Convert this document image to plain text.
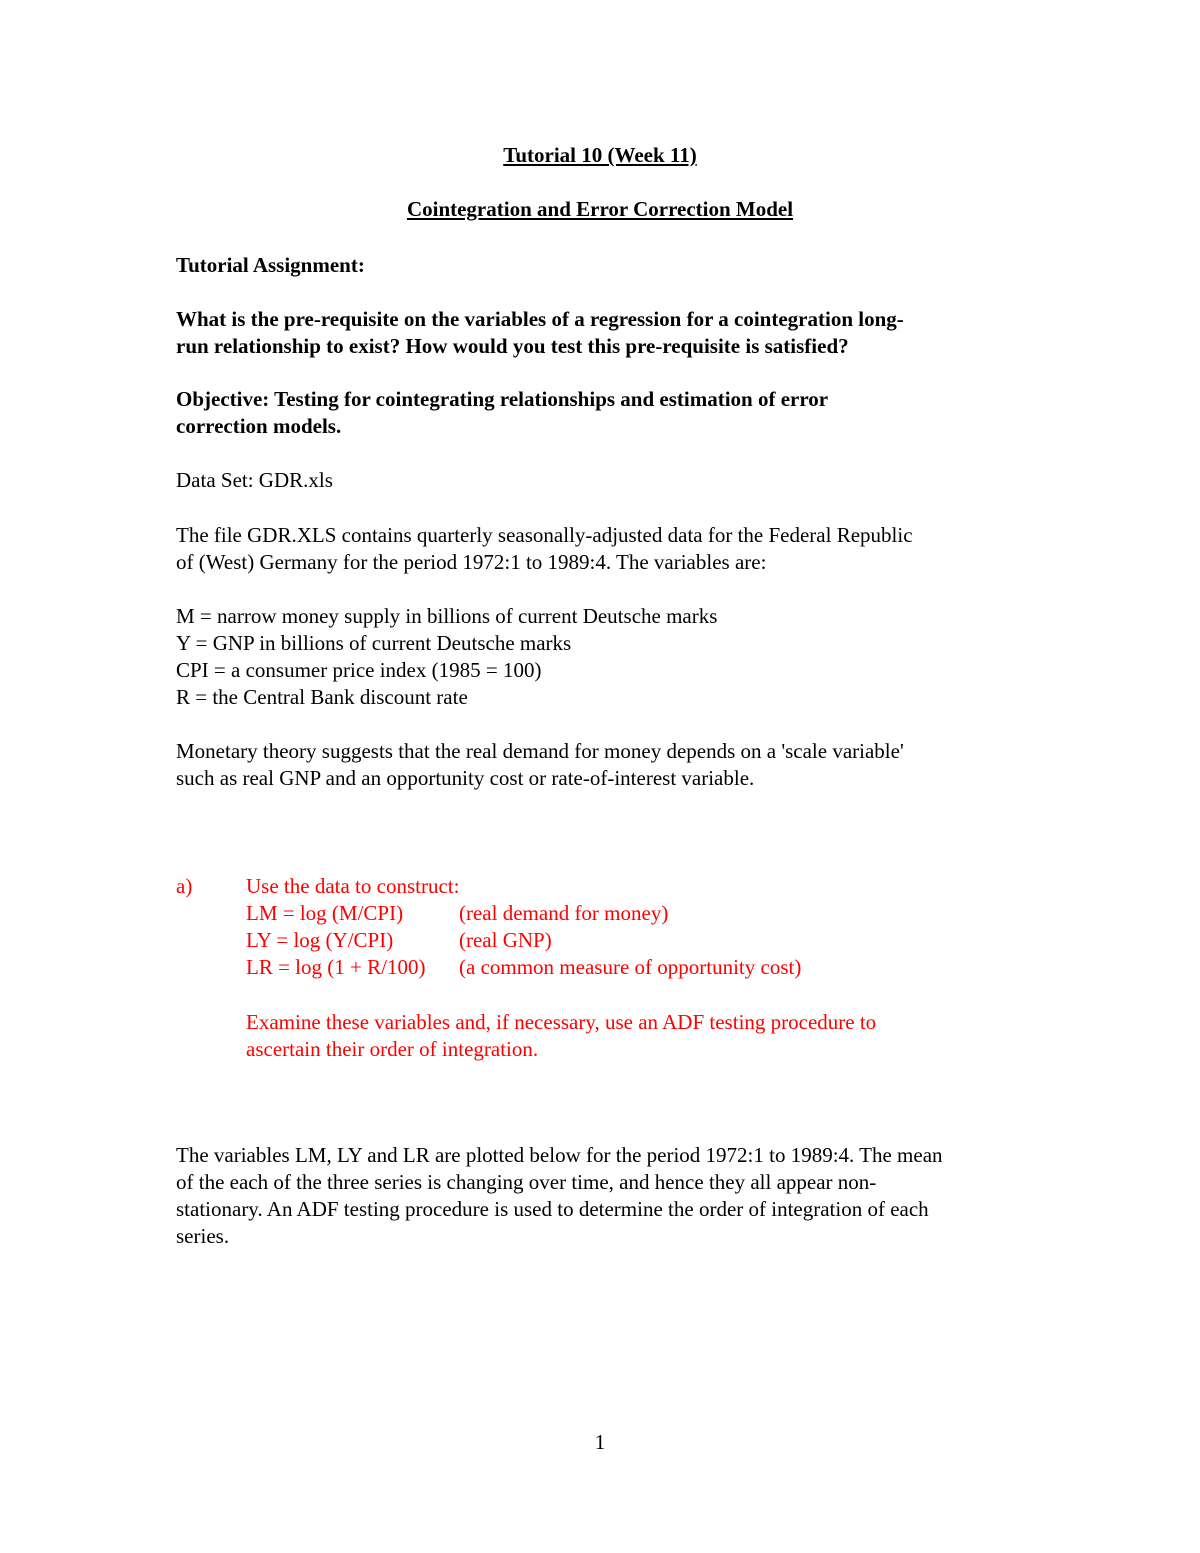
Tutorial 10 (Week 11)
Cointegration and Error Correction Model
Tutorial Assignment:
What is the pre-requisite on the variables of a regression for a cointegration long-
run relationship to exist? How would you test this pre-requisite is satisfied?
Objective: Testing for cointegrating relationships and estimation of error
correction models.
Data Set: GDR.xls
The file GDR.XLS contains quarterly seasonally-adjusted data for the Federal Republic
of (West) Germany for the period 1972:1 to 1989:4. The variables are:
M = narrow money supply in billions of current Deutsche marks
Y = GNP in billions of current Deutsche marks
CPI = a consumer price index (1985 = 100)
R = the Central Bank discount rate
Monetary theory suggests that the real demand for money depends on a 'scale variable'
such as real GNP and an opportunity cost or rate-of-interest variable.
a)	Use the data to construct:
LM = log (M/CPI)	(real demand for money)
LY = log (Y/CPI)	(real GNP)
LR = log (1 + R/100) (a common measure of opportunity cost)
Examine these variables and, if necessary, use an ADF testing procedure to
ascertain their order of integration.
The variables LM, LY and LR are plotted below for the period 1972:1 to 1989:4. The mean
of the each of the three series is changing over time, and hence they all appear non-
stationary. An ADF testing procedure is used to determine the order of integration of each
series.
1
